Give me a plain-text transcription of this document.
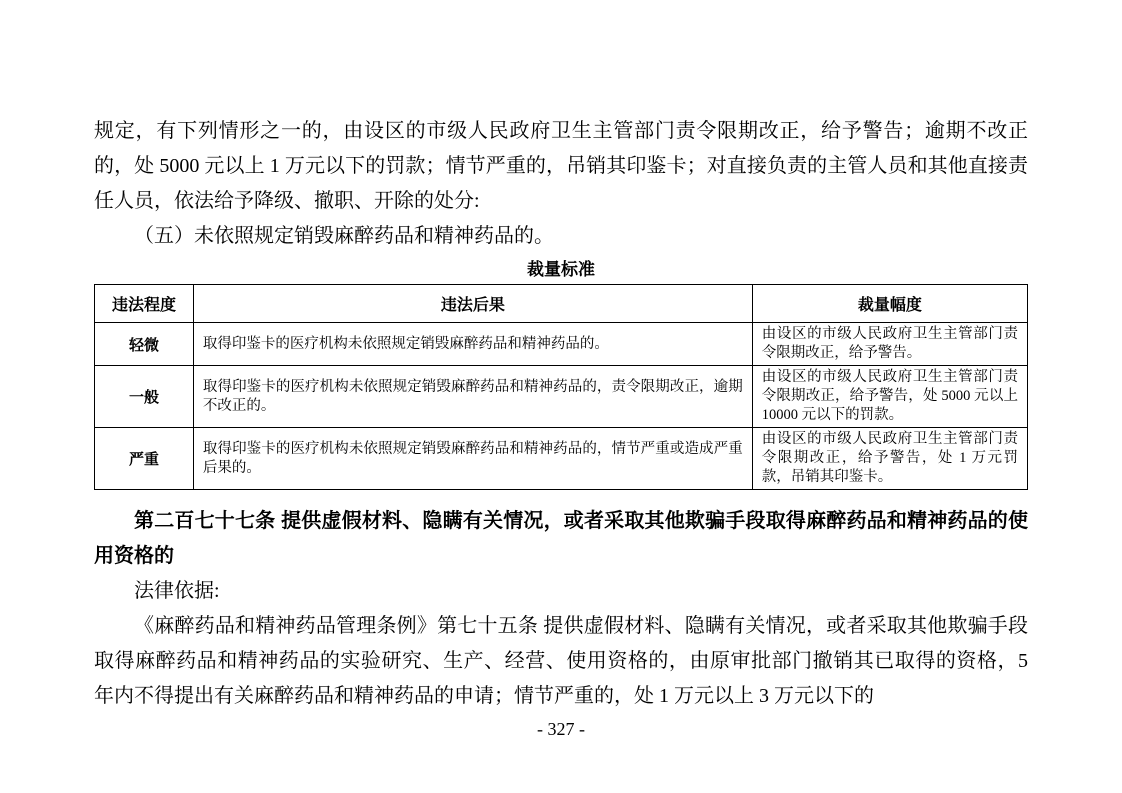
规定，有下列情形之一的，由设区的市级人民政府卫生主管部门责令限期改正，给予警告；逾期不改正的，处 5000 元以上 1 万元以下的罚款；情节严重的，吊销其印鉴卡；对直接负责的主管人员和其他直接责任人员，依法给予降级、撤职、开除的处分:

（五）未依照规定销毁麻醉药品和精神药品的。

裁量标准

违法程度	违法后果	裁量幅度
轻微	取得印鉴卡的医疗机构未依照规定销毁麻醉药品和精神药品的。	由设区的市级人民政府卫生主管部门责令限期改正，给予警告。
一般	取得印鉴卡的医疗机构未依照规定销毁麻醉药品和精神药品的，责令限期改正，逾期不改正的。	由设区的市级人民政府卫生主管部门责令限期改正，给予警告，处 5000 元以上 10000 元以下的罚款。
严重	取得印鉴卡的医疗机构未依照规定销毁麻醉药品和精神药品的，情节严重或造成严重后果的。	由设区的市级人民政府卫生主管部门责令限期改正，给予警告，处 1 万元罚款，吊销其印鉴卡。

第二百七十七条 提供虚假材料、隐瞒有关情况，或者采取其他欺骗手段取得麻醉药品和精神药品的使用资格的

法律依据:

《麻醉药品和精神药品管理条例》第七十五条 提供虚假材料、隐瞒有关情况，或者采取其他欺骗手段取得麻醉药品和精神药品的实验研究、生产、经营、使用资格的，由原审批部门撤销其已取得的资格，5 年内不得提出有关麻醉药品和精神药品的申请；情节严重的，处 1 万元以上 3 万元以下的

- 327 -
